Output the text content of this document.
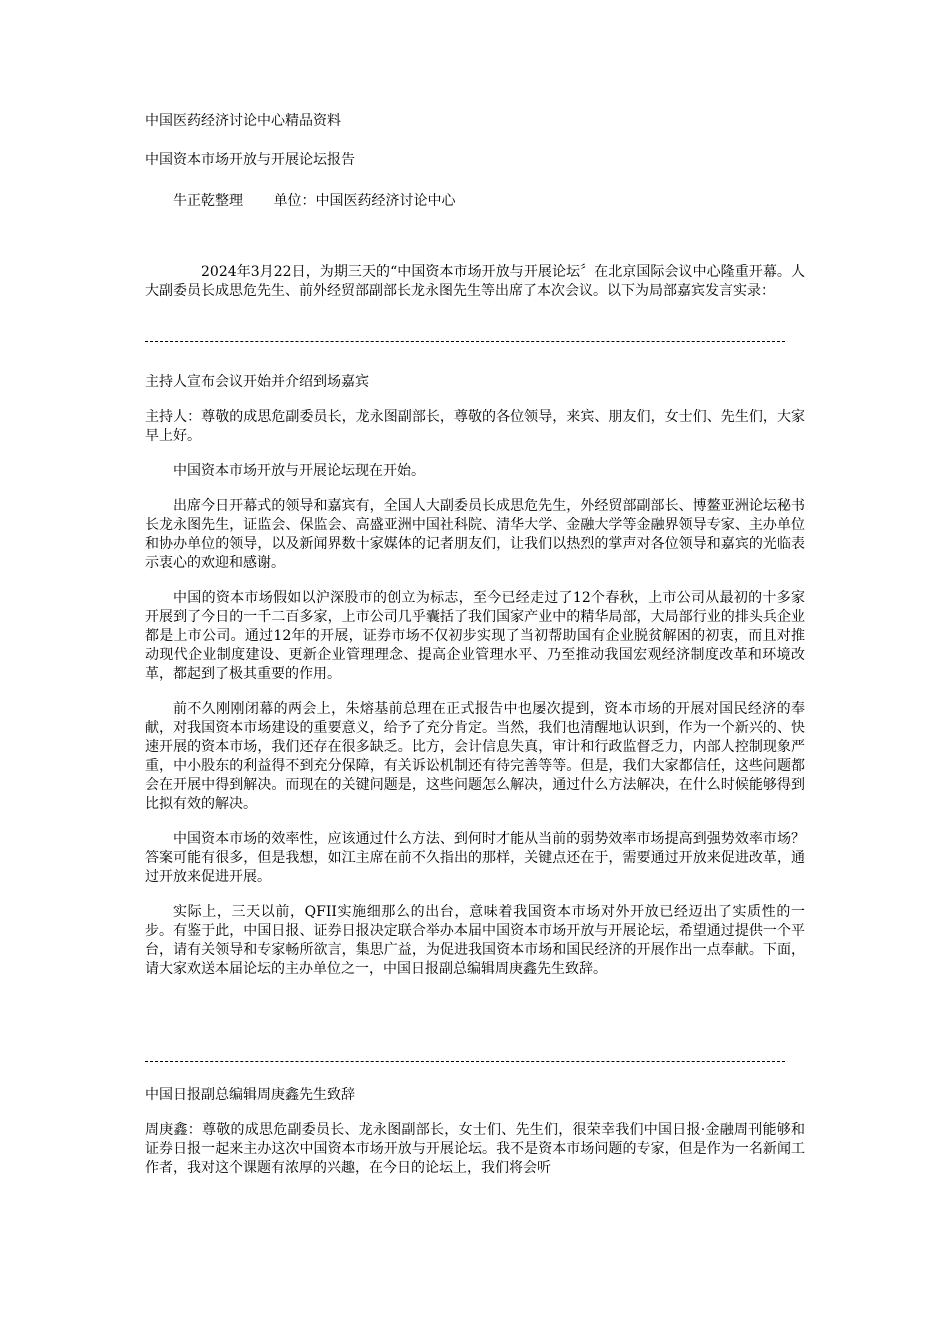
中国医药经济讨论中心精品资料

中国资本市场开放与开展论坛报告

牛正乾整理 单位：中国医药经济讨论中心

2024年3月22日，为期三天的“中国资本市场开放与开展论坛〞在北京国际会议中心隆重开幕。人大副委员长成思危先生、前外经贸部副部长龙永图先生等出席了本次会议。以下为局部嘉宾发言实录：

主持人宣布会议开始并介绍到场嘉宾

主持人：尊敬的成思危副委员长，龙永图副部长，尊敬的各位领导，来宾、朋友们，女士们、先生们，大家早上好。

中国资本市场开放与开展论坛现在开始。

出席今日开幕式的领导和嘉宾有，全国人大副委员长成思危先生，外经贸部副部长、博鳌亚洲论坛秘书长龙永图先生，证监会、保监会、高盛亚洲中国社科院、清华大学、金融大学等金融界领导专家、主办单位和协办单位的领导，以及新闻界数十家媒体的记者朋友们，让我们以热烈的掌声对各位领导和嘉宾的光临表示衷心的欢迎和感谢。

中国的资本市场假如以沪深股市的创立为标志，至今已经走过了12个春秋，上市公司从最初的十多家开展到了今日的一千二百多家，上市公司几乎囊括了我们国家产业中的精华局部，大局部行业的排头兵企业都是上市公司。通过12年的开展，证券市场不仅初步实现了当初帮助国有企业脱贫解困的初衷，而且对推动现代企业制度建设、更新企业管理理念、提高企业管理水平、乃至推动我国宏观经济制度改革和环境改革，都起到了极其重要的作用。

前不久刚刚闭幕的两会上，朱熔基前总理在正式报告中也屡次提到，资本市场的开展对国民经济的奉献，对我国资本市场建设的重要意义，给予了充分肯定。当然，我们也清醒地认识到，作为一个新兴的、快速开展的资本市场，我们还存在很多缺乏。比方，会计信息失真，审计和行政监督乏力，内部人控制现象严重，中小股东的利益得不到充分保障，有关诉讼机制还有待完善等等。但是，我们大家都信任，这些问题都会在开展中得到解决。而现在的关键问题是，这些问题怎么解决，通过什么方法解决，在什么时候能够得到比拟有效的解决。

中国资本市场的效率性，应该通过什么方法、到何时才能从当前的弱势效率市场提高到强势效率市场？答案可能有很多，但是我想，如江主席在前不久指出的那样，关键点还在于，需要通过开放来促进改革，通过开放来促进开展。

实际上，三天以前，QFII实施细那么的出台，意味着我国资本市场对外开放已经迈出了实质性的一步。有鉴于此，中国日报、证券日报决定联合举办本届中国资本市场开放与开展论坛，希望通过提供一个平台，请有关领导和专家畅所欲言，集思广益，为促进我国资本市场和国民经济的开展作出一点奉献。下面，请大家欢送本届论坛的主办单位之一，中国日报副总编辑周庚鑫先生致辞。

中国日报副总编辑周庚鑫先生致辞

周庚鑫：尊敬的成思危副委员长、龙永图副部长，女士们、先生们，很荣幸我们中国日报·金融周刊能够和证券日报一起来主办这次中国资本市场开放与开展论坛。我不是资本市场问题的专家，但是作为一名新闻工作者，我对这个课题有浓厚的兴趣，在今日的论坛上，我们将会听
